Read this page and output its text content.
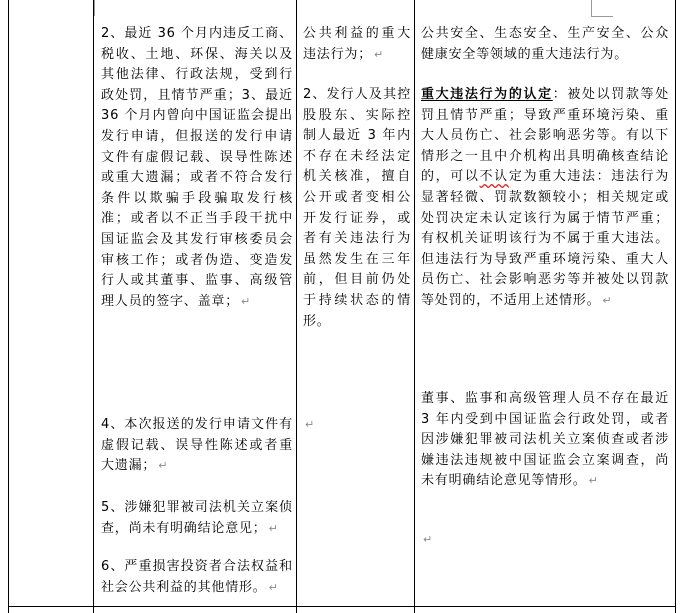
2、最近 36 个月内违反工商、税收、土地、环保、海关以及其他法律、行政法规，受到行政处罚，且情节严重；3、最近 36 个月内曾向中国证监会提出发行申请，但报送的发行申请文件有虚假记载、误导性陈述或重大遗漏；或者不符合发行条件以欺骗手段骗取发行核准；或者以不正当手段干扰中国证监会及其发行审核委员会审核工作；或者伪造、变造发行人或其董事、监事、高级管理人员的签字、盖章； ↵
4、本次报送的发行申请文件有虚假记载、误导性陈述或者重大遗漏； ↵
5、涉嫌犯罪被司法机关立案侦查，尚未有明确结论意见； ↵
6、严重损害投资者合法权益和社会公共利益的其他情形。 ↵
公共利益的重大违法行为； ↵
2、发行人及其控股股东、实际控制人最近 3 年内不存在未经法定机关核准，擅自公开或者变相公开发行证券，或者有关违法行为虽然发生在三年前，但目前仍处于持续状态的情形。
↵
公共安全、生态安全、生产安全、公众健康安全等领域的重大违法行为。
重大违法行为的认定：被处以罚款等处罚且情节严重；导致严重环境污染、重大人员伤亡、社会影响恶劣等。有以下情形之一且中介机构出具明确核查结论的，可以不认定为重大违法：违法行为显著轻微、罚款数额较小；相关规定或处罚决定未认定该行为属于情节严重；有权机关证明该行为不属于重大违法。但违法行为导致严重环境污染、重大人员伤亡、社会影响恶劣等并被处以罚款等处罚的，不适用上述情形。 ↵
董事、监事和高级管理人员不存在最近 3 年内受到中国证监会行政处罚，或者因涉嫌犯罪被司法机关立案侦查或者涉嫌违法违规被中国证监会立案调查，尚未有明确结论意见等情形。 ↵
↵
